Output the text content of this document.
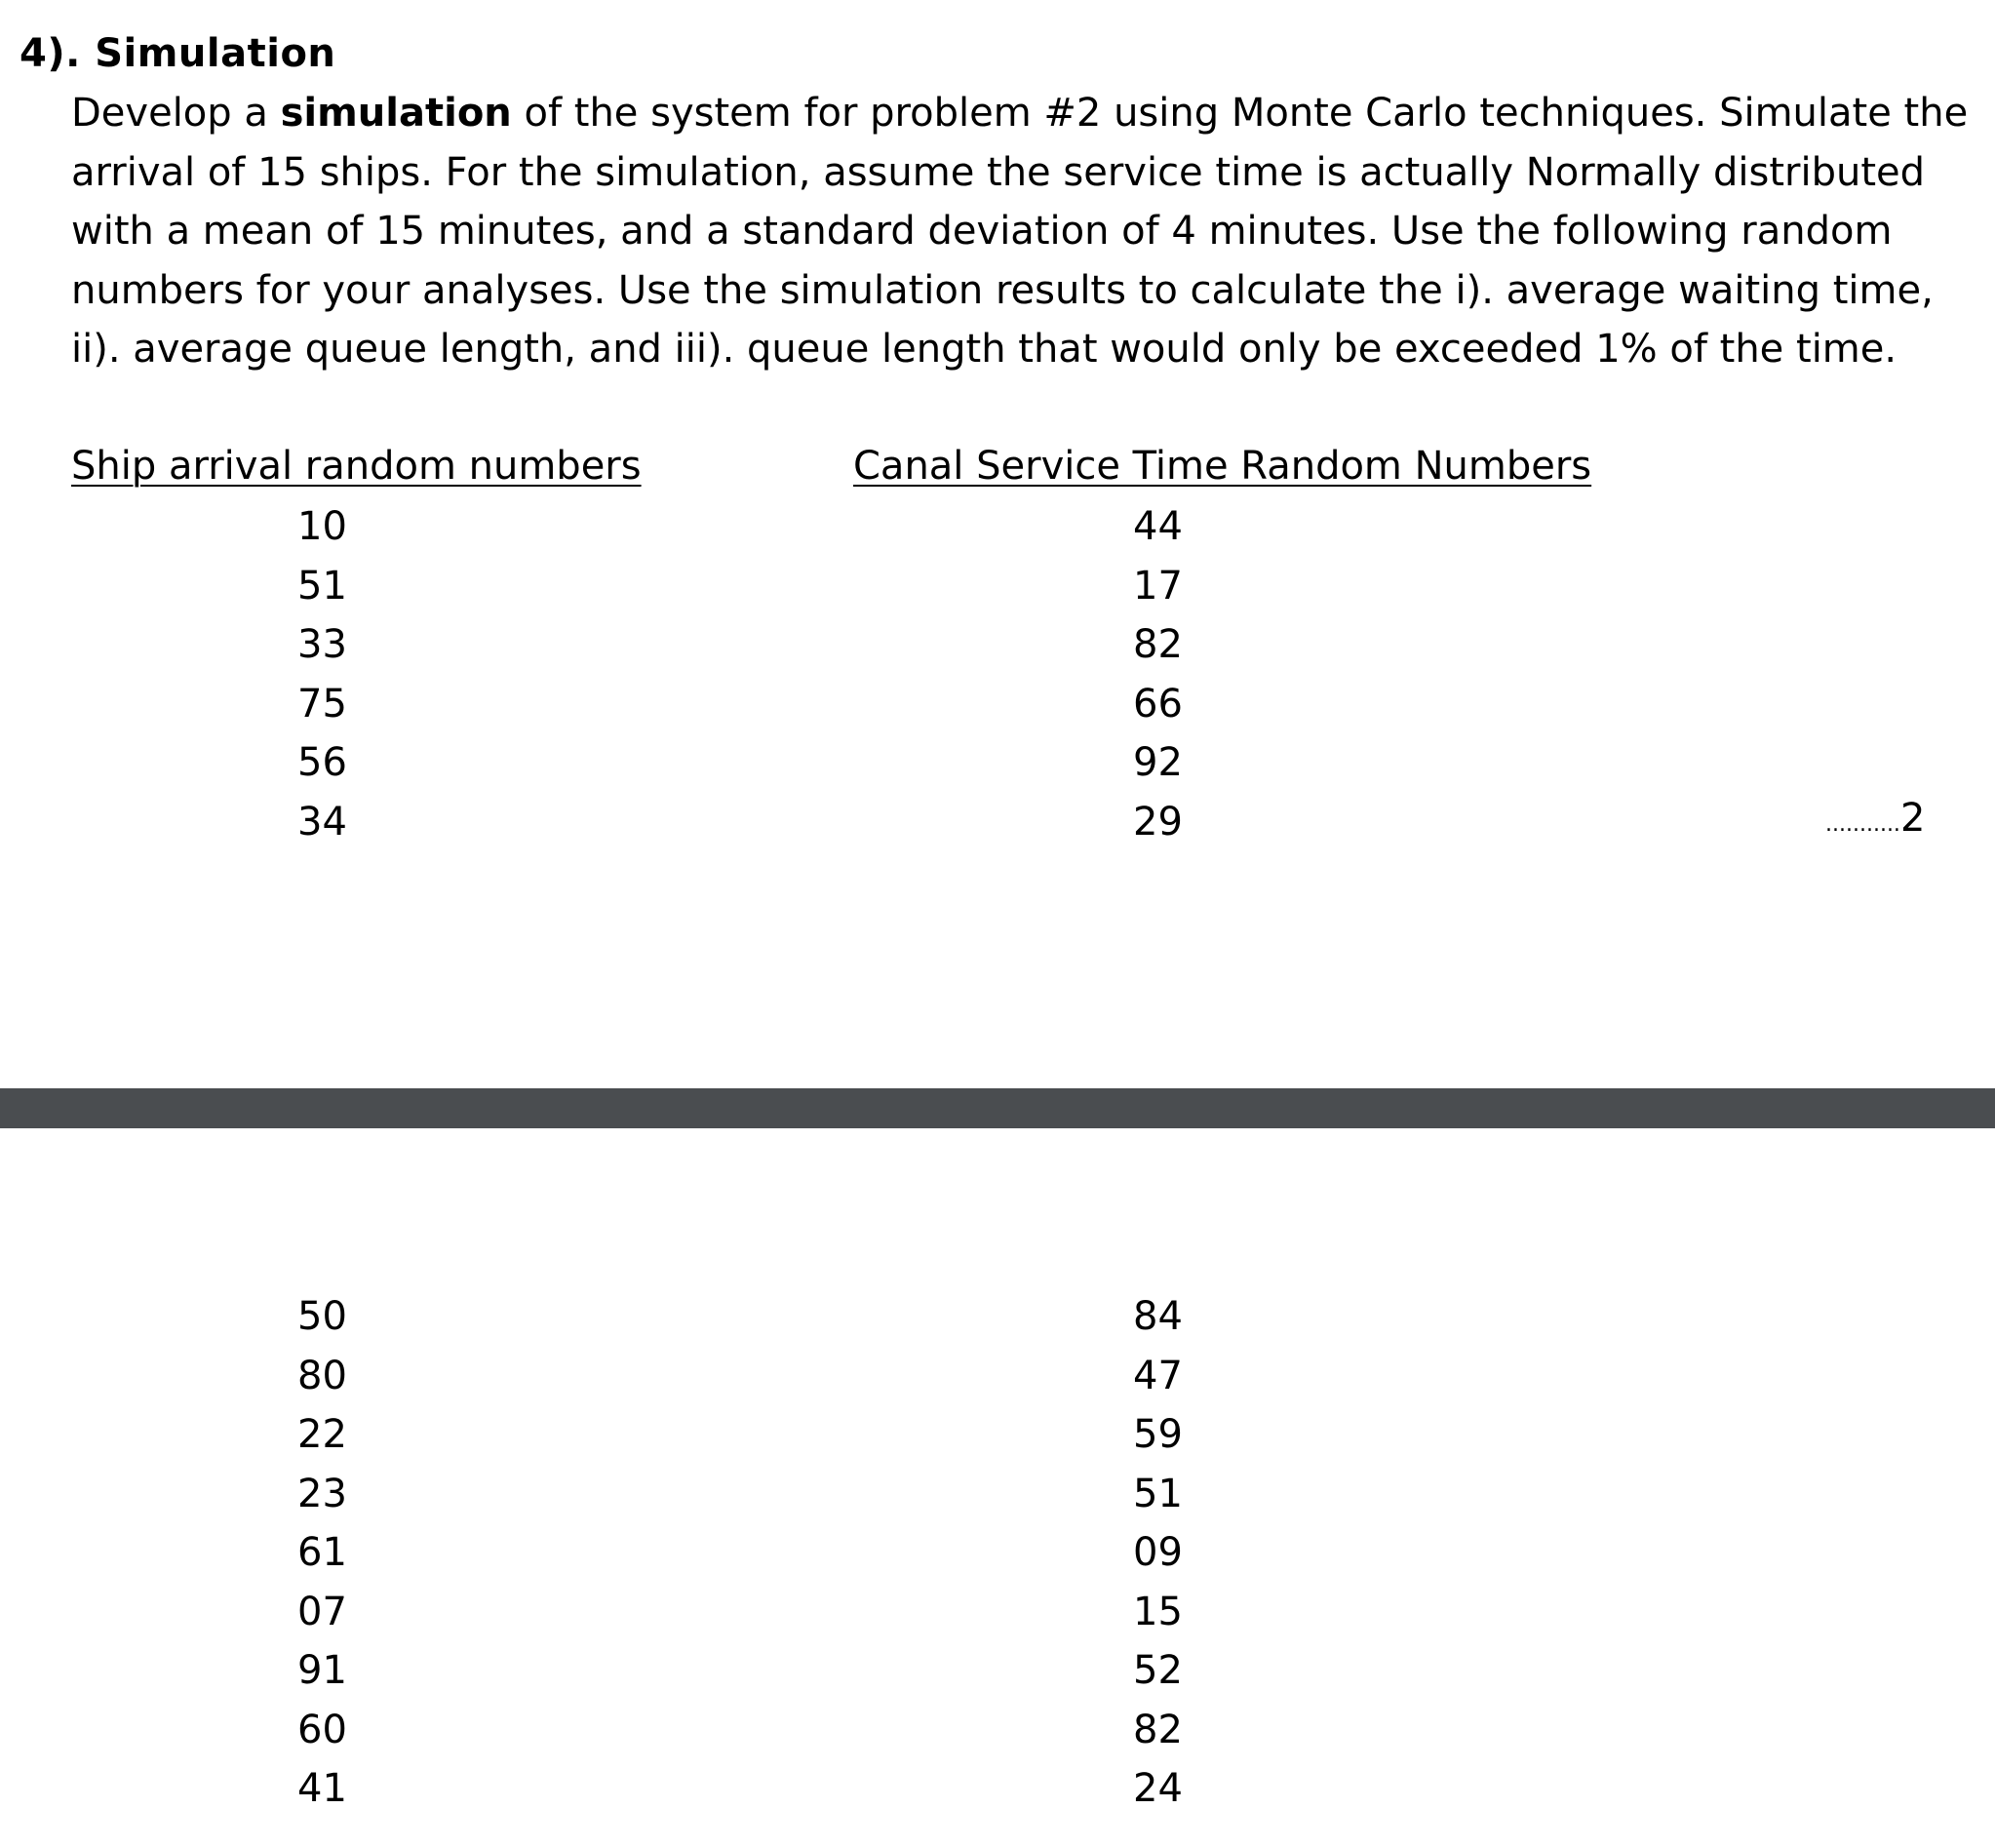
4). Simulation
Develop a simulation of the system for problem #2 using Monte Carlo techniques. Simulate the
arrival of 15 ships. For the simulation, assume the service time is actually Normally distributed
with a mean of 15 minutes, and a standard deviation of 4 minutes. Use the following random
numbers for your analyses. Use the simulation results to calculate the i). average waiting time,
ii). average queue length, and iii). queue length that would only be exceeded 1% of the time.
Ship arrival random numbers	Canal Service Time Random Numbers
10
51
33
75
56
34
44
17
82
66
92
29	...........2
50
80
22
23
61
07
91
60
41
84
47
59
51
09
15
52
82
24
